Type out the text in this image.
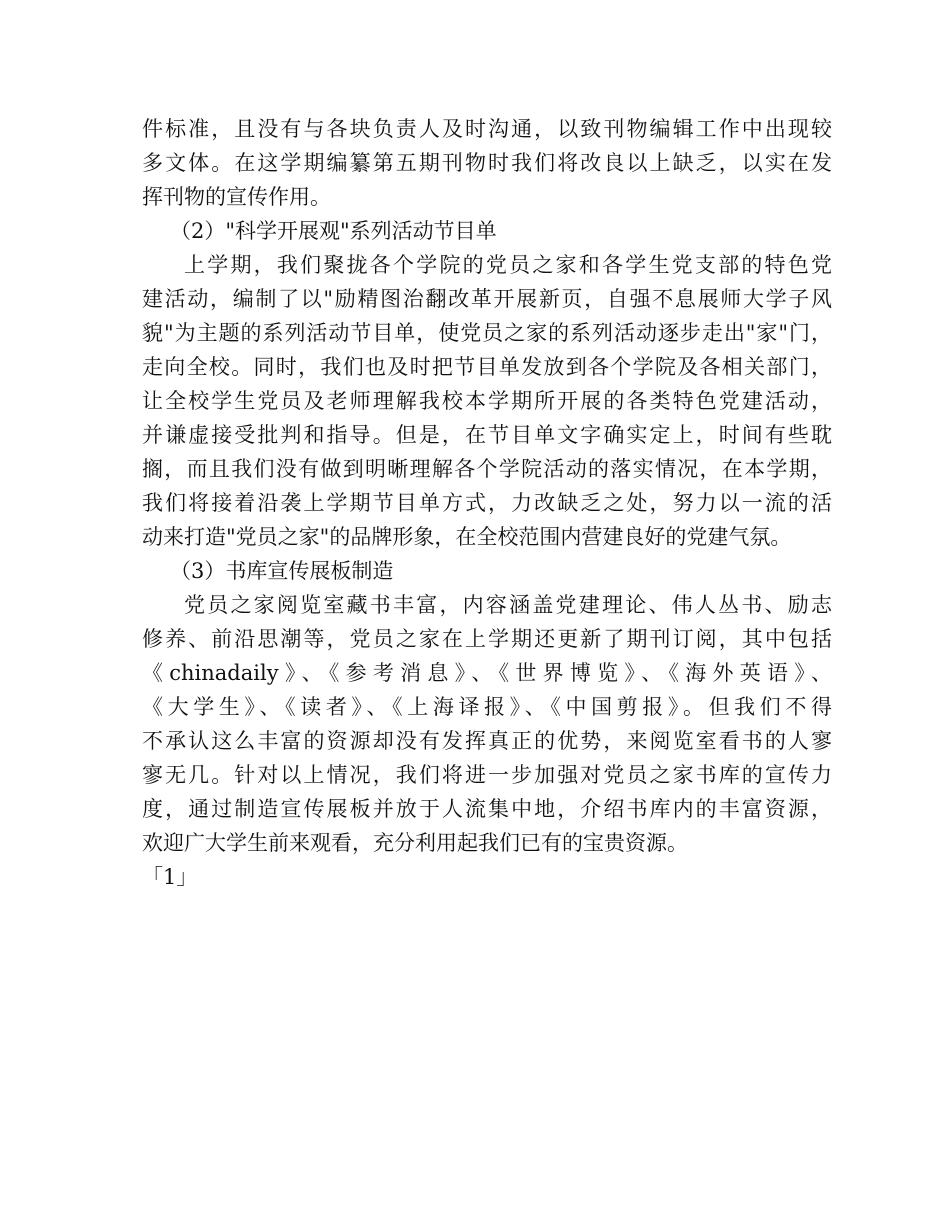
件标准，且没有与各块负责人及时沟通，以致刊物编辑工作中出现较
多文体。在这学期编纂第五期刊物时我们将改良以上缺乏，以实在发
挥刊物的宣传作用。
（2）"科学开展观"系列活动节目单
上学期，我们聚拢各个学院的党员之家和各学生党支部的特色党
建活动，编制了以"励精图治翻改革开展新页，自强不息展师大学子风
貌"为主题的系列活动节目单，使党员之家的系列活动逐步走出"家"门，
走向全校。同时，我们也及时把节目单发放到各个学院及各相关部门，
让全校学生党员及老师理解我校本学期所开展的各类特色党建活动，
并谦虚接受批判和指导。但是，在节目单文字确实定上，时间有些耽
搁，而且我们没有做到明晰理解各个学院活动的落实情况，在本学期，
我们将接着沿袭上学期节目单方式，力改缺乏之处，努力以一流的活
动来打造"党员之家"的品牌形象，在全校范围内营建良好的党建气氛。
（3）书库宣传展板制造
党员之家阅览室藏书丰富，内容涵盖党建理论、伟人丛书、励志
修养、前沿思潮等，党员之家在上学期还更新了期刊订阅，其中包括
《chinadaily》、《参考消息》、《世界博览》、《海外英语》、
《大学生》、《读者》、《上海译报》、《中国剪报》。但我们不得
不承认这么丰富的资源却没有发挥真正的优势，来阅览室看书的人寥
寥无几。针对以上情况，我们将进一步加强对党员之家书库的宣传力
度，通过制造宣传展板并放于人流集中地，介绍书库内的丰富资源，
欢迎广大学生前来观看，充分利用起我们已有的宝贵资源。
「1」
